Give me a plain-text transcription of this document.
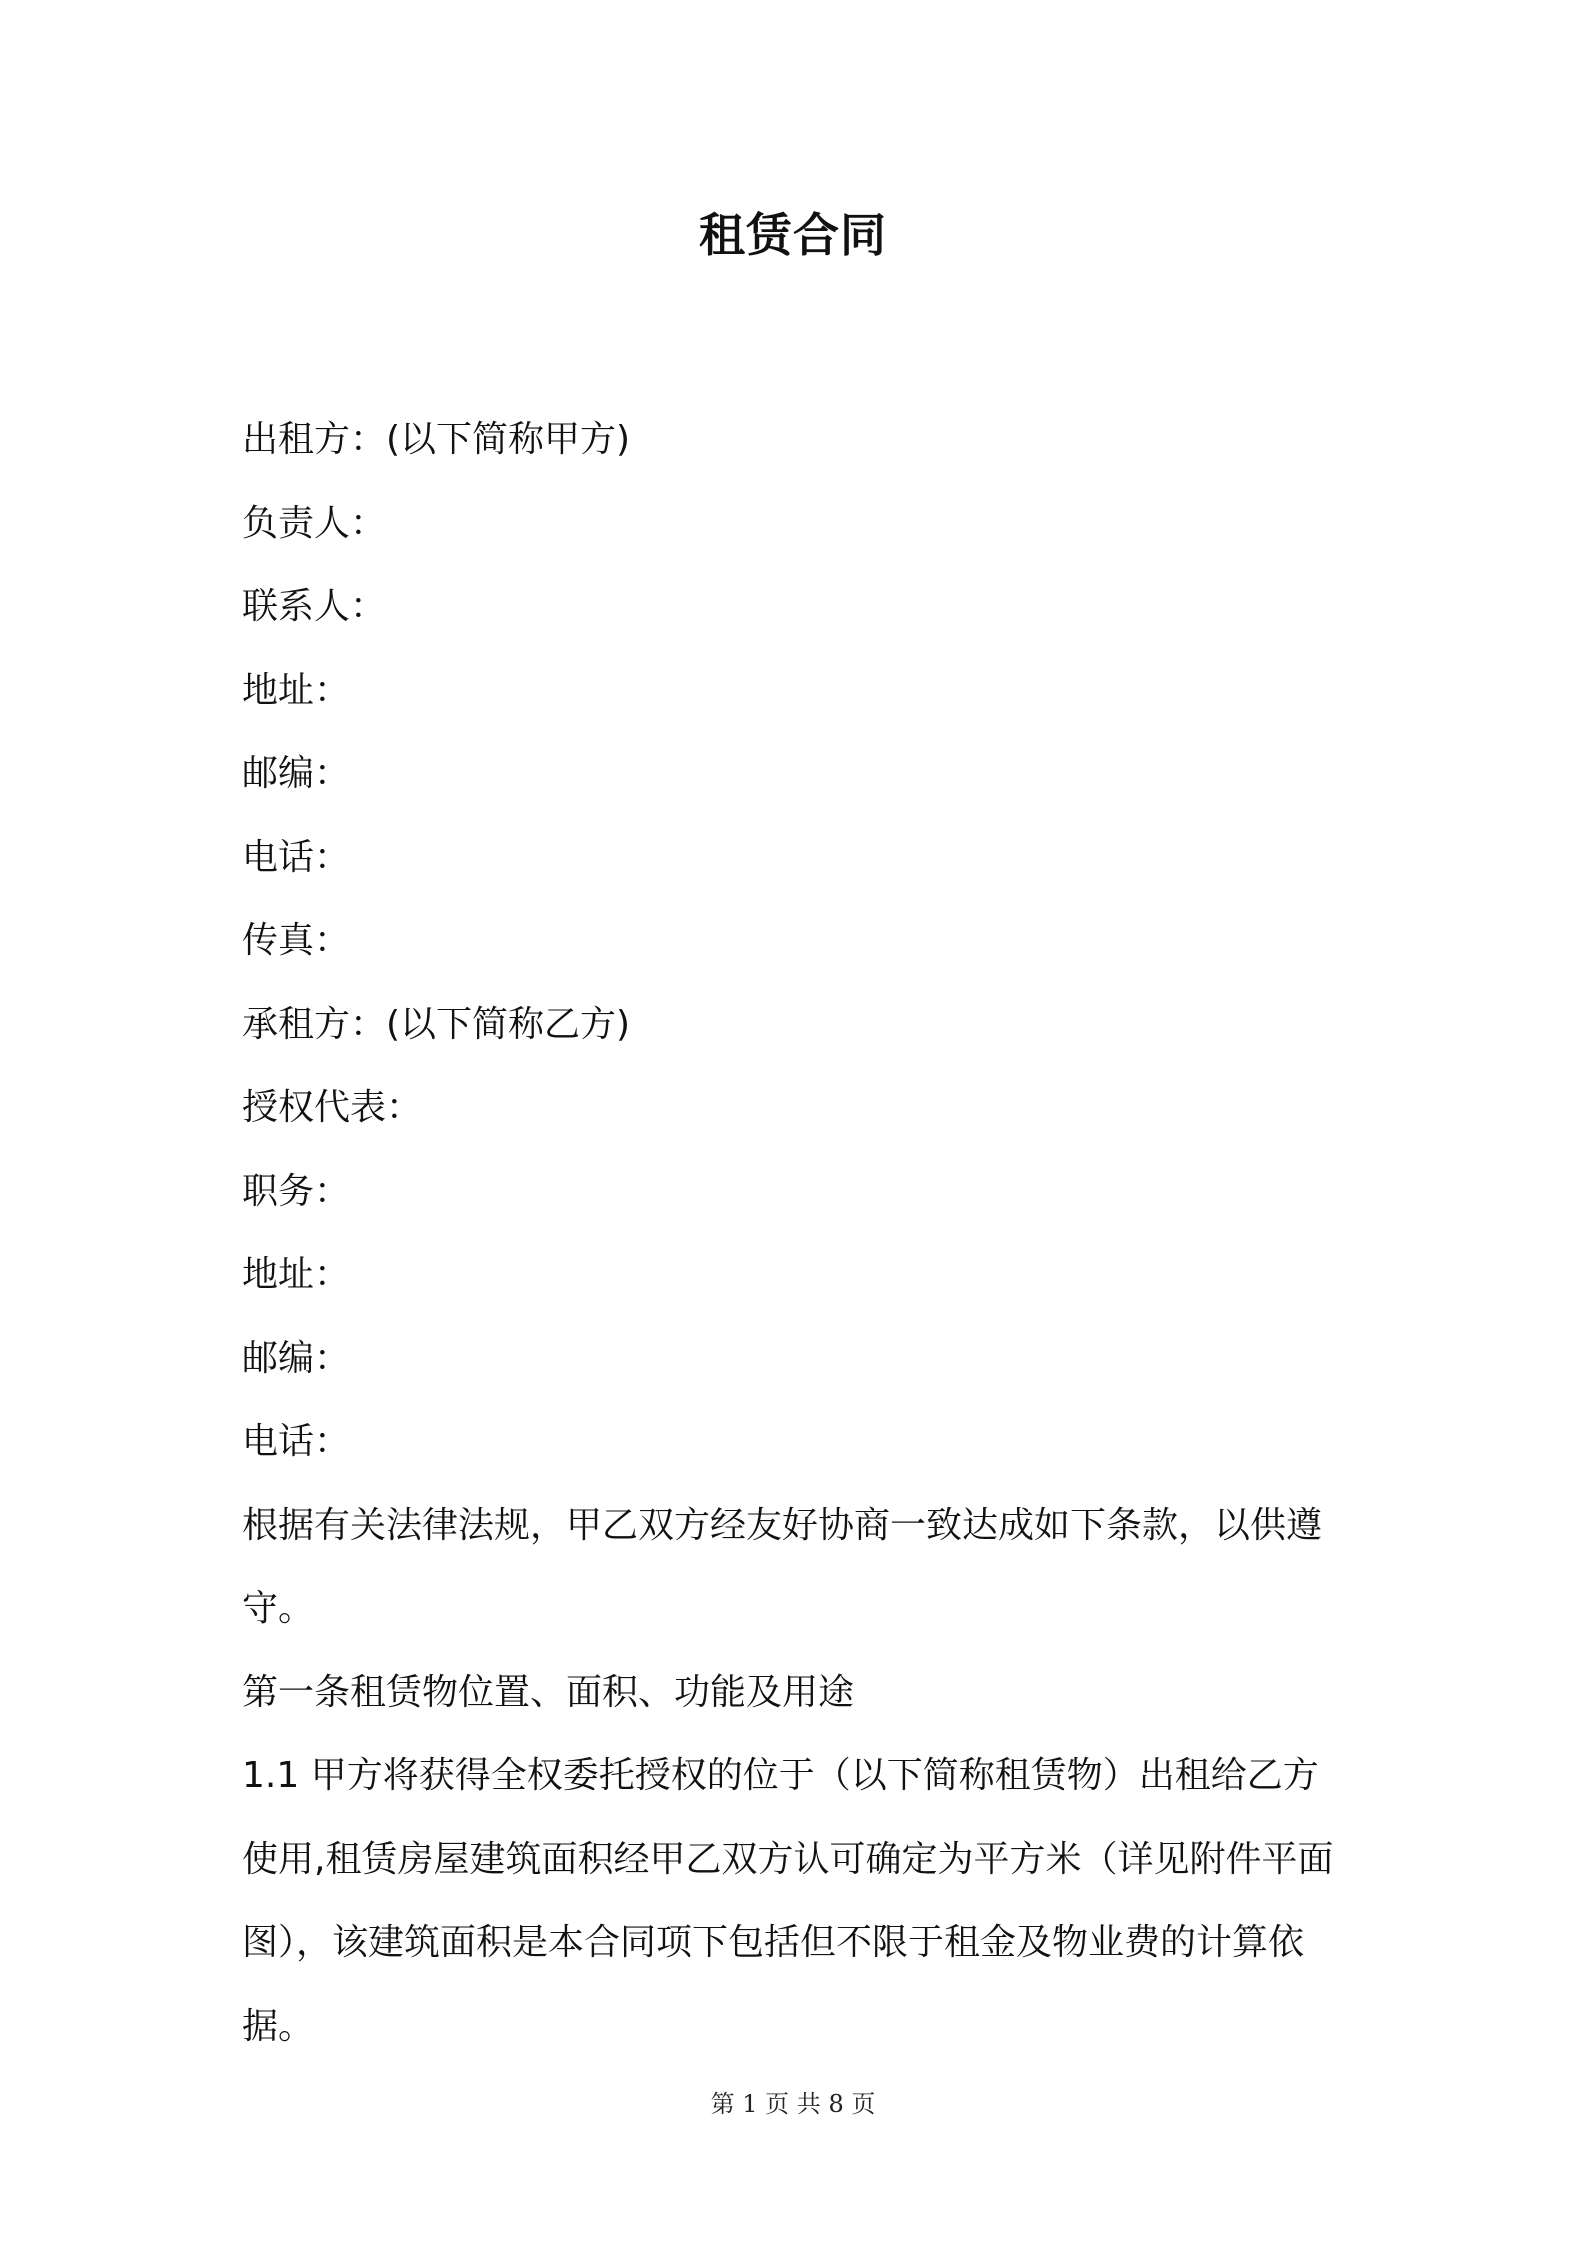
租赁合同
出租方：(以下简称甲方)
负责人：
联系人：
地址：
邮编：
电话：
传真：
承租方：(以下简称乙方)
授权代表：
职务：
地址：
邮编：
电话：
根据有关法律法规，甲乙双方经友好协商一致达成如下条款，以供遵守。
第一条租赁物位置、面积、功能及用途
1.1 甲方将获得全权委托授权的位于（以下简称租赁物）出租给乙方使用,租赁房屋建筑面积经甲乙双方认可确定为平方米（详见附件平面图），该建筑面积是本合同项下包括但不限于租金及物业费的计算依据。
第 1 页 共 8 页
